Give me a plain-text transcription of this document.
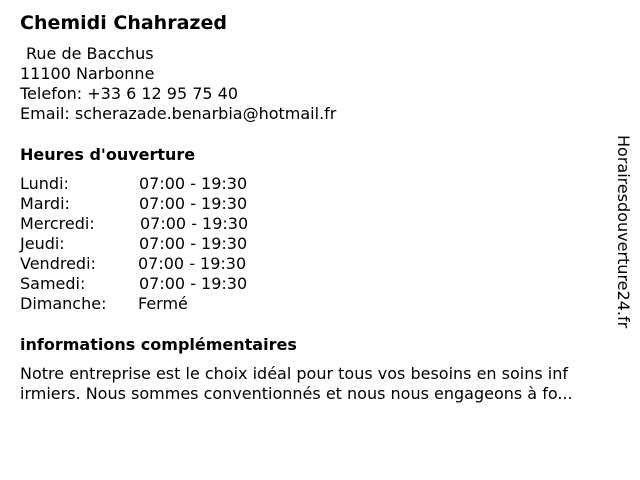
Chemidi Chahrazed
Rue de Bacchus
11100 Narbonne
Telefon: +33 6 12 95 75 40
Email: scherazade.benarbia@hotmail.fr
Heures d'ouverture
Lundi:	07:00 - 19:30
Mardi:	07:00 - 19:30
Mercredi:	07:00 - 19:30
Jeudi:	07:00 - 19:30
Vendredi:	07:00 - 19:30
Samedi:	07:00 - 19:30
Dimanche: Fermé
informations complémentaires
Notre entreprise est le choix idéal pour tous vos besoins en soins inf
irmiers. Nous sommes conventionnés et nous nous engageons à fo...
Horairesdouverture24.fr
